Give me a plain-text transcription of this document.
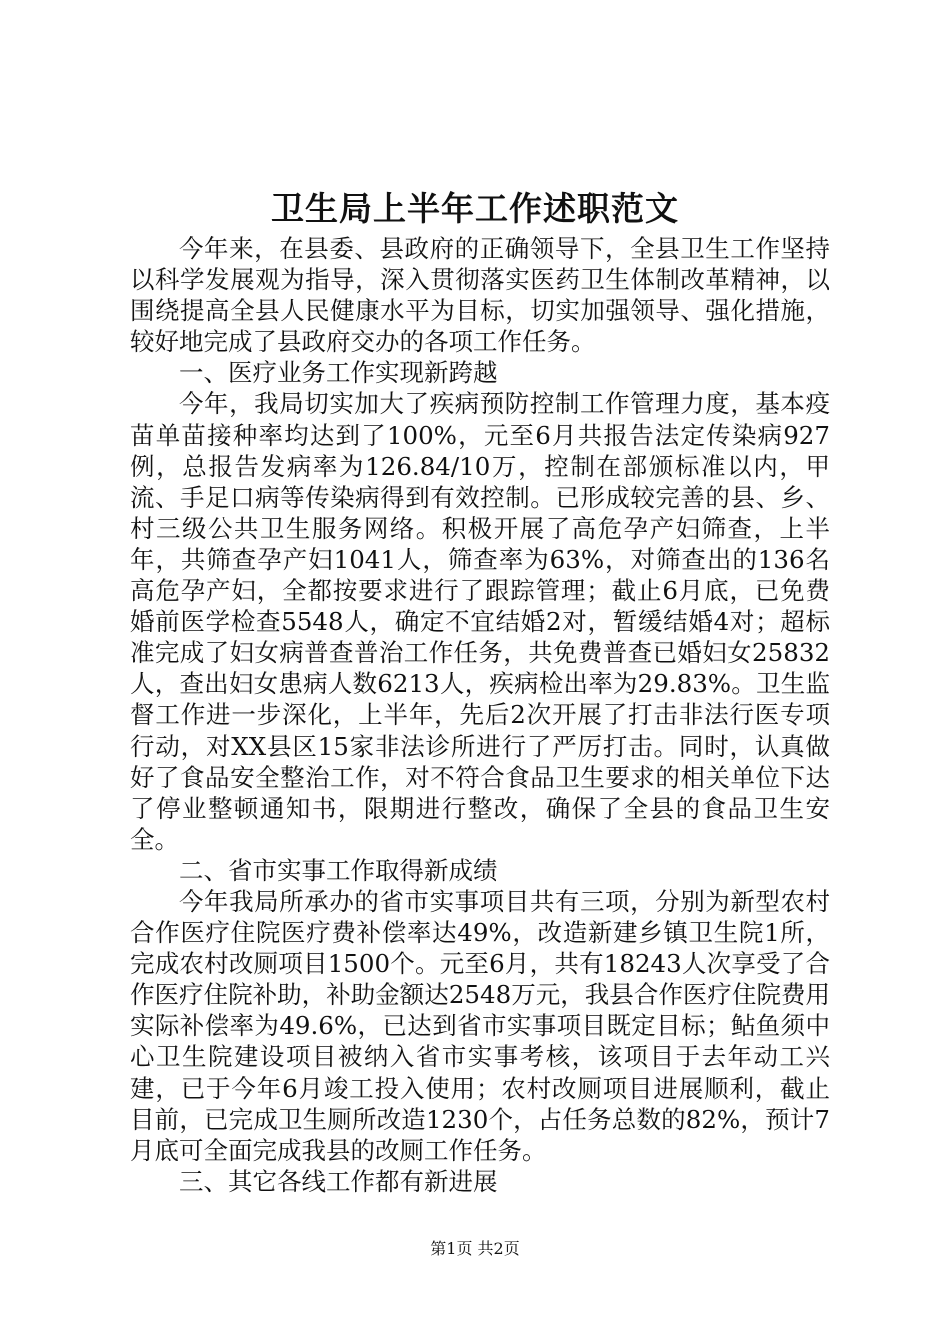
卫生局上半年工作述职范文

今年来，在县委、县政府的正确领导下，全县卫生工作坚持以科学发展观为指导，深入贯彻落实医药卫生体制改革精神，以围绕提高全县人民健康水平为目标，切实加强领导、强化措施，较好地完成了县政府交办的各项工作任务。

一、医疗业务工作实现新跨越

今年，我局切实加大了疾病预防控制工作管理力度，基本疫苗单苗接种率均达到了100%，元至6月共报告法定传染病927例，总报告发病率为126.84/10万，控制在部颁标准以内，甲流、手足口病等传染病得到有效控制。已形成较完善的县、乡、村三级公共卫生服务网络。积极开展了高危孕产妇筛查，上半年，共筛查孕产妇1041人，筛查率为63%，对筛查出的136名高危孕产妇，全都按要求进行了跟踪管理；截止6月底，已免费婚前医学检查5548人，确定不宜结婚2对，暂缓结婚4对；超标准完成了妇女病普查普治工作任务，共免费普查已婚妇女25832人，查出妇女患病人数6213人，疾病检出率为29.83%。卫生监督工作进一步深化，上半年，先后2次开展了打击非法行医专项行动，对XX县区15家非法诊所进行了严厉打击。同时，认真做好了食品安全整治工作，对不符合食品卫生要求的相关单位下达了停业整顿通知书，限期进行整改，确保了全县的食品卫生安全。

二、省市实事工作取得新成绩

今年我局所承办的省市实事项目共有三项，分别为新型农村合作医疗住院医疗费补偿率达49%，改造新建乡镇卫生院1所，完成农村改厕项目1500个。元至6月，共有18243人次享受了合作医疗住院补助，补助金额达2548万元，我县合作医疗住院费用实际补偿率为49.6%，已达到省市实事项目既定目标；鲇鱼须中心卫生院建设项目被纳入省市实事考核，该项目于去年动工兴建，已于今年6月竣工投入使用；农村改厕项目进展顺利，截止目前，已完成卫生厕所改造1230个，占任务总数的82%，预计7月底可全面完成我县的改厕工作任务。

三、其它各线工作都有新进展

第1页 共2页
